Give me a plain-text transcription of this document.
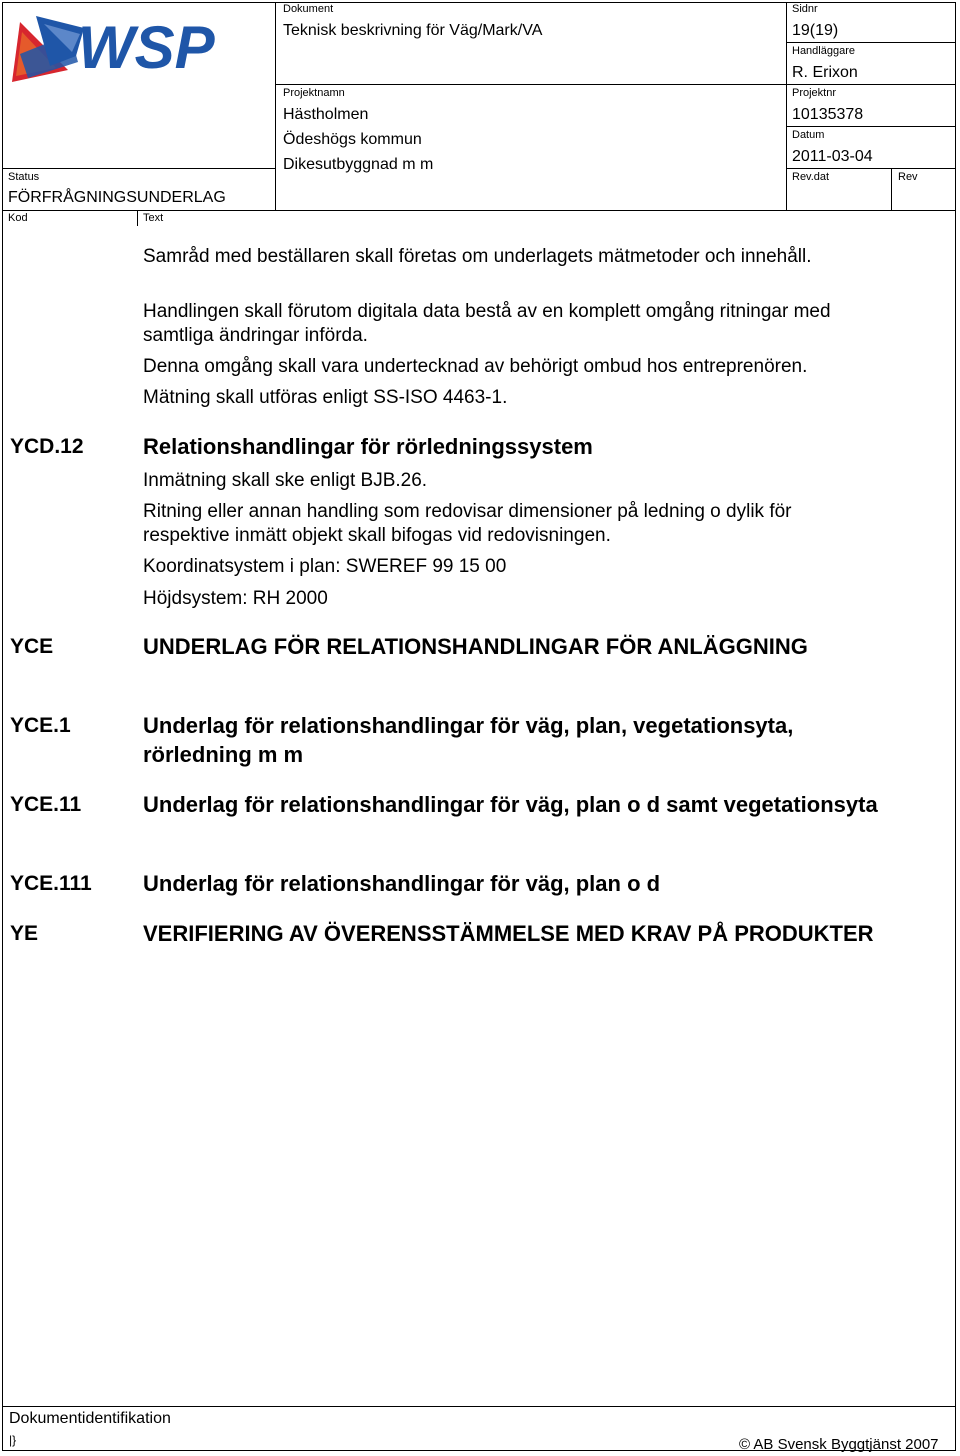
WSP
Dokument
Teknisk beskrivning för Väg/Mark/VA
Sidnr
19(19)
Handläggare
R. Erixon
Projektnamn
Hästholmen
Ödeshögs kommun
Dikesutbyggnad m m
Projektnr
10135378
Datum
2011-03-04
Status
FÖRFRÅGNINGSUNDERLAG
Rev.dat	Rev
Kod	Text
Samråd med beställaren skall företas om underlagets mätmetoder och innehåll.
Handlingen skall förutom digitala data bestå av en komplett omgång ritningar med samtliga ändringar införda.
Denna omgång skall vara undertecknad av behörigt ombud hos entreprenören.
Mätning skall utföras enligt SS-ISO 4463-1.
YCD.12	Relationshandlingar för rörledningssystem
Inmätning skall ske enligt BJB.26.
Ritning eller annan handling som redovisar dimensioner på ledning o dylik för respektive inmätt objekt skall bifogas vid redovisningen.
Koordinatsystem i plan: SWEREF 99 15 00
Höjdsystem: RH 2000
YCE	UNDERLAG FÖR RELATIONSHANDLINGAR FÖR ANLÄGGNING
YCE.1	Underlag för relationshandlingar för väg, plan, vegetationsyta, rörledning m m
YCE.11	Underlag för relationshandlingar för väg, plan o d samt vegetationsyta
YCE.111 Underlag för relationshandlingar för väg, plan o d
YE	VERIFIERING AV ÖVERENSSTÄMMELSE MED KRAV PÅ PRODUKTER
Dokumentidentifikation
|}	© AB Svensk Byggtjänst 2007
